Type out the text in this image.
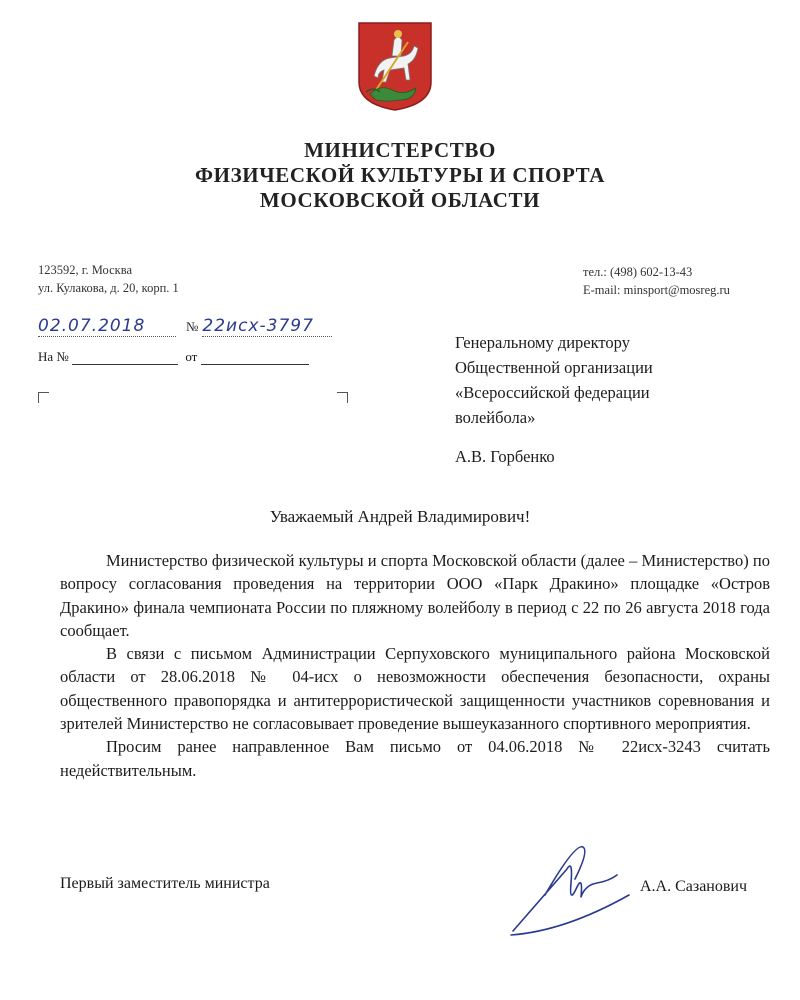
МИНИСТЕРСТВО
ФИЗИЧЕСКОЙ КУЛЬТУРЫ И СПОРТА
МОСКОВСКОЙ ОБЛАСТИ
123592, г. Москва
ул. Кулакова, д. 20, корп. 1
тел.: (498) 602-13-43
E-mail: minsport@mosreg.ru
02.07.2018	№ 22исх-3797
На №	от
Генеральному директору
Общественной организации
«Всероссийской федерации
волейбола»
А.В. Горбенко
Уважаемый Андрей Владимирович!

Министерство физической культуры и спорта Московской области (далее – Министерство) по вопросу согласования проведения на территории ООО «Парк Дракино» площадке «Остров Дракино» финала чемпионата России по пляжному волейболу в период с 22 по 26 августа 2018 года сообщает.

В связи с письмом Администрации Серпуховского муниципального района Московской области от 28.06.2018 № 04-исх о невозможности обеспечения безопасности, охраны общественного правопорядка и антитеррористической защищенности участников соревнования и зрителей Министерство не согласовывает проведение вышеуказанного спортивного мероприятия.

Просим ранее направленное Вам письмо от 04.06.2018 № 22исх-3243 считать недействительным.

Первый заместитель министра	А.А. Сазанович
